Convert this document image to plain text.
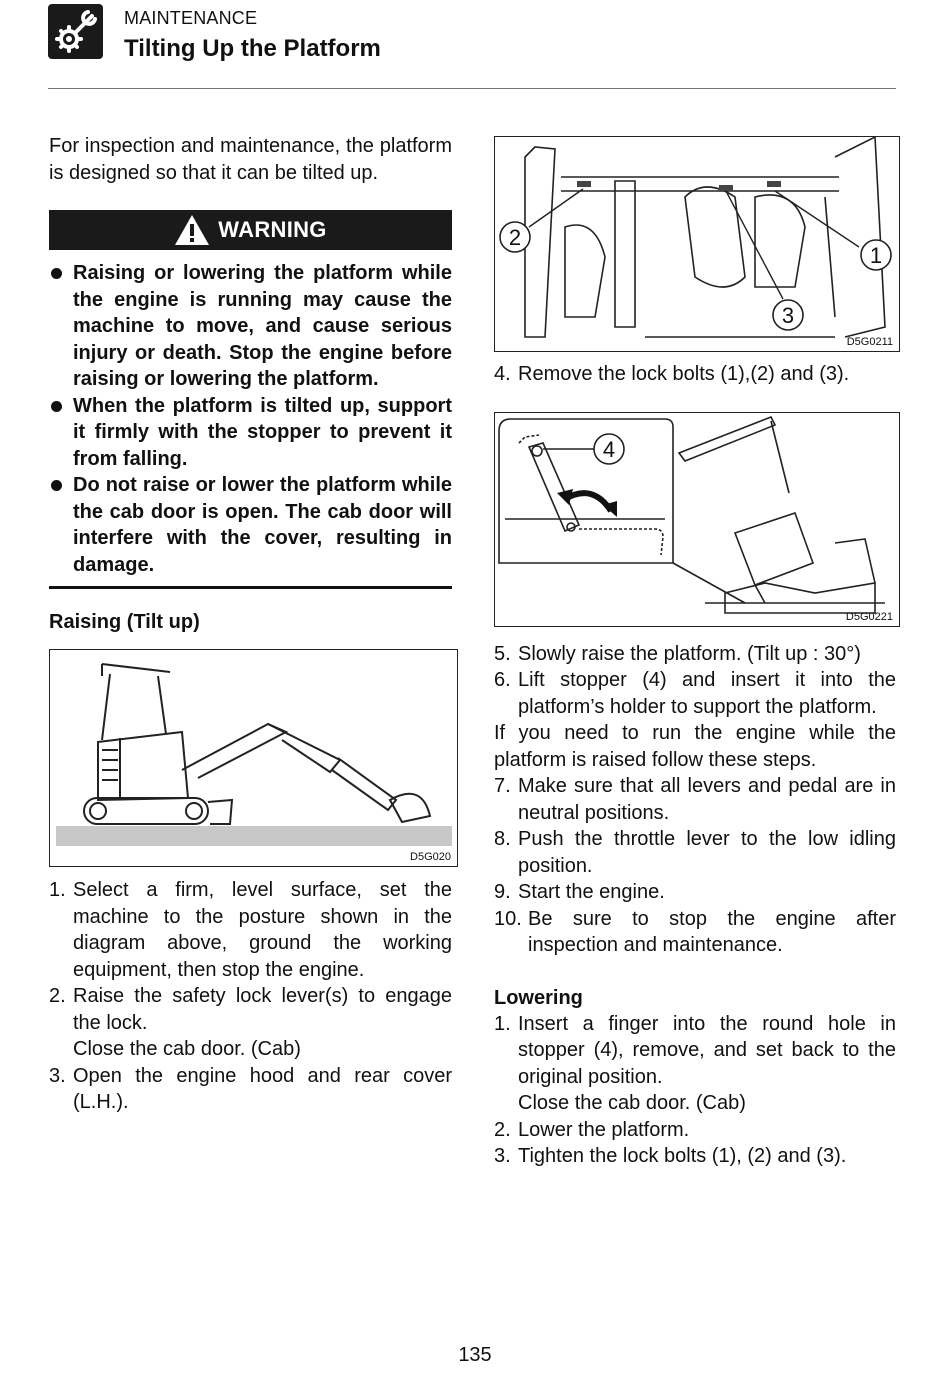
MAINTENANCE
Tilting Up the Platform

For inspection and maintenance, the platform is designed so that it can be tilted up.

WARNING
Raising or lowering the platform while the engine is running may cause the machine to move, and cause serious injury or death. Stop the engine before raising or lowering the platform.
When the platform is tilted up, support it firmly with the stopper to prevent it from falling.
Do not raise or lower the platform while the cab door is open. The cab door will interfere with the cover, resulting in damage.
Raising (Tilt up)
D5G020
1. Select a firm, level surface, set the machine to the posture shown in the diagram above, ground the working equipment, then stop the engine.
2. Raise the safety lock lever(s) to engage the lock.
Close the cab door. (Cab)
3. Open the engine hood and rear cover (L.H.).
2
1
3
D5G0211
4. Remove the lock bolts (1),(2) and (3).
4
D5G0221
5. Slowly raise the platform. (Tilt up : 30°)
6. Lift stopper (4) and insert it into the platform’s holder to support the platform.

If you need to run the engine while the platform is raised follow these steps.

7. Make sure that all levers and pedal are in neutral positions.
8. Push the throttle lever to the low idling position.
9. Start the engine.
10. Be sure to stop the engine after inspection and maintenance.
Lowering
1. Insert a finger into the round hole in stopper (4), remove, and set back to the original position.
Close the cab door. (Cab)
2. Lower the platform.
3. Tighten the lock bolts (1), (2) and (3).
135
